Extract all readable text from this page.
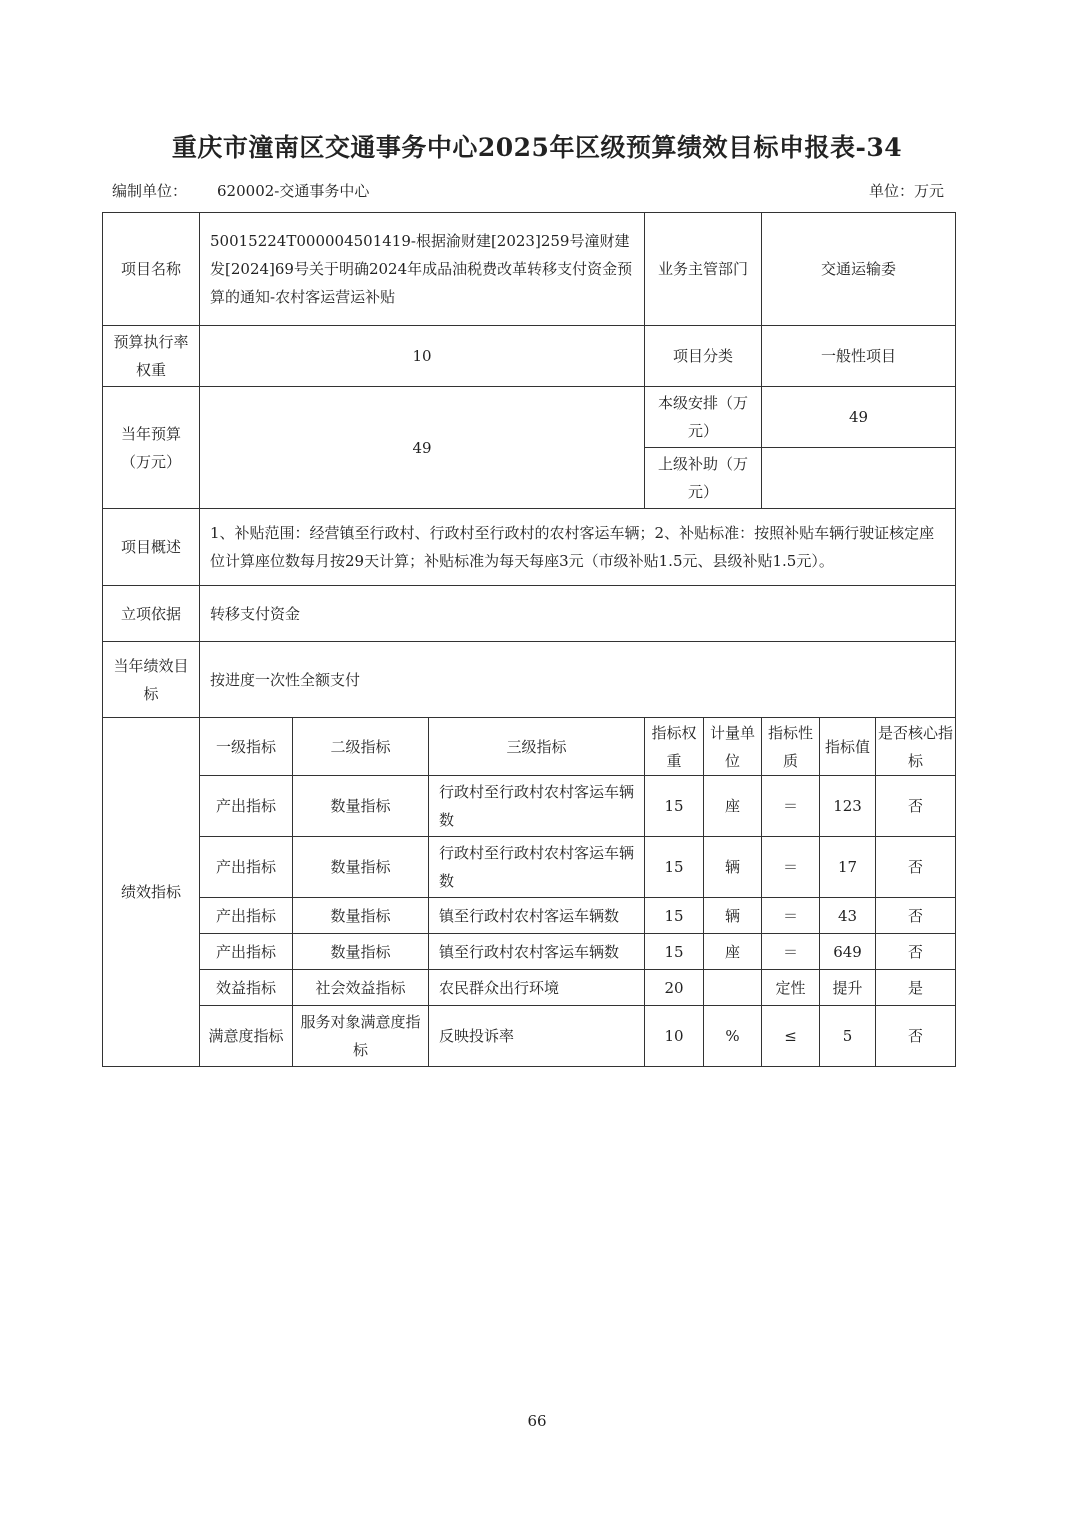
重庆市潼南区交通事务中心2025年区级预算绩效目标申报表-34
编制单位： 620002-交通事务中心	单位：万元
项目名称	50015224T000004501419-根据渝财建[2023]259号潼财建发[2024]69号关于明确2024年成品油税费改革转移支付资金预算的通知-农村客运营运补贴			业务主管部门		交通运输委		
预算执行率权重	10			项目分类		一般性项目		
当年预算（万元）	49			本级安排（万元）		49		
				上级补助（万元）				
项目概述	1、补贴范围：经营镇至行政村、行政村至行政村的农村客运车辆；2、补贴标准：按照补贴车辆行驶证核定座位计算座位数每月按29天计算；补贴标准为每天每座3元（市级补贴1.5元、县级补贴1.5元）。							
立项依据	转移支付资金							
当年绩效目标	按进度一次性全额支付							
绩效指标	一级指标	二级指标	三级指标	指标权重	计量单位	指标性质	指标值	是否核心指标
	产出指标	数量指标	行政村至行政村农村客运车辆数	15	座	＝	123	否
	产出指标	数量指标	行政村至行政村农村客运车辆数	15	辆	＝	17	否
	产出指标	数量指标	镇至行政村农村客运车辆数	15	辆	＝	43	否
	产出指标	数量指标	镇至行政村农村客运车辆数	15	座	＝	649	否
	效益指标	社会效益指标	农民群众出行环境	20		定性	提升	是
	满意度指标	服务对象满意度指标	反映投诉率	10	%	≤	5	否
66
